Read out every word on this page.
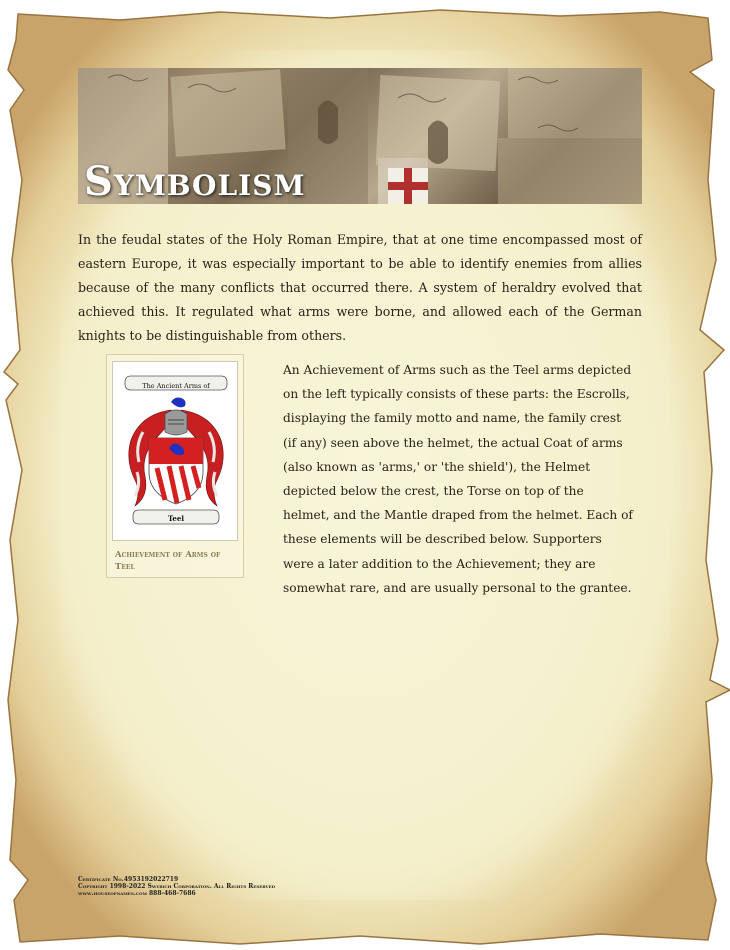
Symbolism

In the feudal states of the Holy Roman Empire, that at one time encompassed most of eastern Europe, it was especially important to be able to identify enemies from allies because of the many conflicts that occurred there. A system of heraldry evolved that achieved this. It regulated what arms were borne, and allowed each of the German knights to be distinguishable from others.

The Ancient Arms of
Teel

Achievement of Arms of Teel

An Achievement of Arms such as the Teel arms depicted on the left typically consists of these parts: the Escrolls, displaying the family motto and name, the family crest (if any) seen above the helmet, the actual Coat of arms (also known as 'arms,' or 'the shield'), the Helmet depicted below the crest, the Torse on top of the helmet, and the Mantle draped from the helmet. Each of these elements will be described below. Supporters were a later addition to the Achievement; they are somewhat rare, and are usually personal to the grantee.

Certificate No.4953192022719
Copyright 1998-2022 Swyrich Corporation. All Rights Reserved
www.houseofnames.com 888-468-7686
